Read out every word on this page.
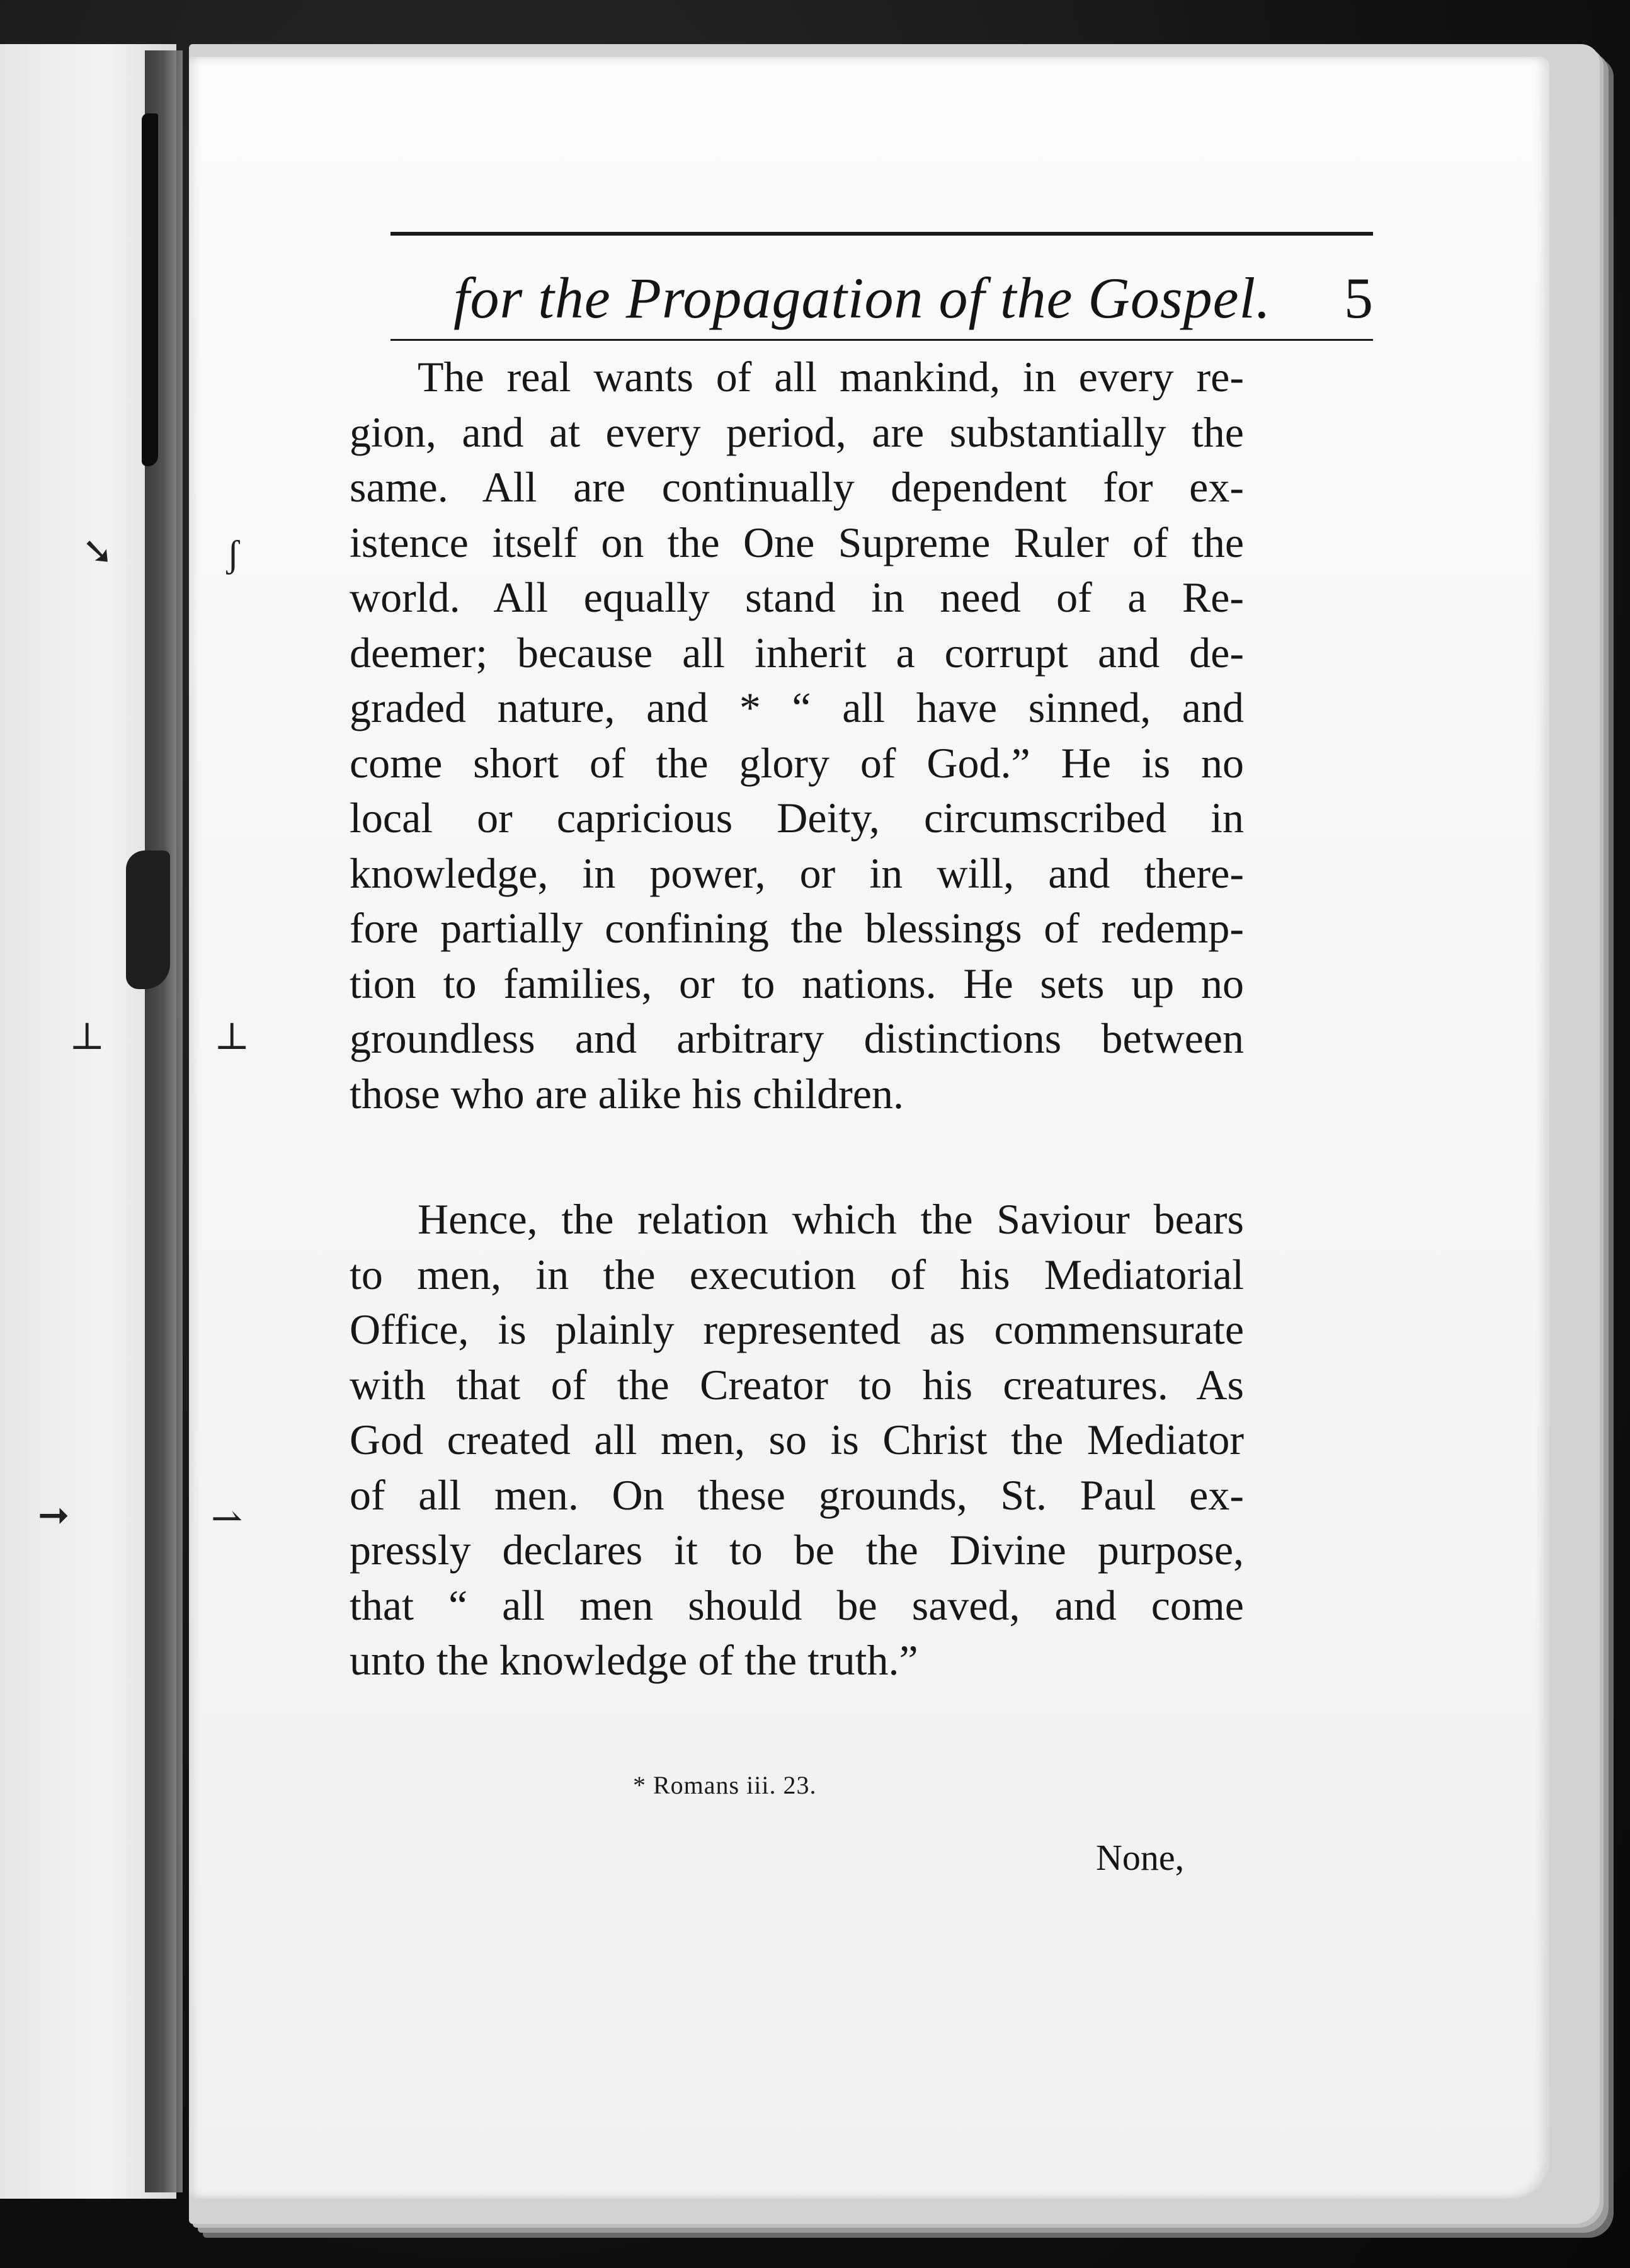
➘	ʃ
⊥	⊥
➞	⇀
for the Propagation of the Gospel. 5
The real wants of all mankind, in every re-
gion, and at every period, are substantially the
same. All are continually dependent for ex-
istence itself on the One Supreme Ruler of the
world. All equally stand in need of a Re-
deemer; because all inherit a corrupt and de-
graded nature, and * “ all have sinned, and
come short of the glory of God.” He is no
local or capricious Deity, circumscribed in
knowledge, in power, or in will, and there-
fore partially confining the blessings of redemp-
tion to families, or to nations. He sets up no
groundless and arbitrary distinctions between
those who are alike his children.
Hence, the relation which the Saviour bears
to men, in the execution of his Mediatorial
Office, is plainly represented as commensurate
with that of the Creator to his creatures. As
God created all men, so is Christ the Mediator
of all men. On these grounds, St. Paul ex-
pressly declares it to be the Divine purpose,
that “ all men should be saved, and come
unto the knowledge of the truth.”
* Romans iii. 23.
None,
